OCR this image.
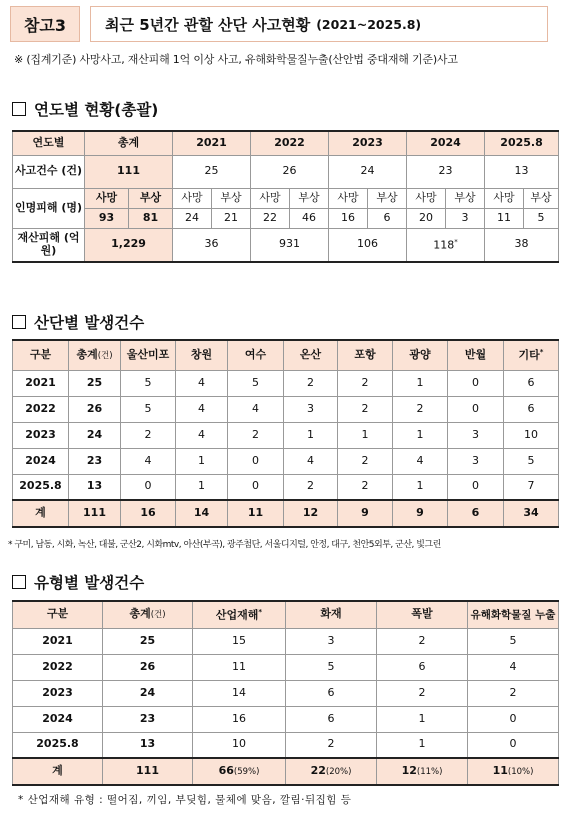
참고3	최근 5년간 관할 산단 사고현황 (2021~2025.8)
※ (집계기준) 사망사고, 재산피해 1억 이상 사고, 유해화학물질누출(산안법 중대재해 기준)사고
연도별 현황(총괄)
연도별	총계		2021		2022		2023		2024		2025.8	
사고건수 (건)	111		25		26		24		23		13	
인명피해 (명)	사망	부상	사망	부상	사망	부상	사망	부상	사망	부상	사망	부상
	93	81	24	21	22	46	16	6	20	3	11	5
재산피해 (억원)	1,229		36		931		106		118*		38	
산단별 발생건수
구분	총계(건)	울산미포	창원	여수	온산	포항	광양	반월	기타*
2021	25	5	4	5	2	2	1	0	6
2022	26	5	4	4	3	2	2	0	6
2023	24	2	4	2	1	1	1	3	10
2024	23	4	1	0	4	2	4	3	5
2025.8	13	0	1	0	2	2	1	0	7
계	111	16	14	11	12	9	9	6	34
* 구미, 남동, 시화, 녹산, 대불, 군산2, 시화mtv, 아산(부곡), 광주첨단, 서울디지털, 안정, 대구, 천안5외투, 군산, 빛그린
유형별 발생건수
구분	총계(건)	산업재해*	화재	폭발	유해화학물질 누출
2021	25	15	3	2	5
2022	26	11	5	6	4
2023	24	14	6	2	2
2024	23	16	6	1	0
2025.8	13	10	2	1	0
계	111	66(59%)	22(20%)	12(11%)	11(10%)
* 산업재해 유형 : 떨어짐, 끼임, 부딪힘, 물체에 맞음, 깔림·뒤집힘 등
